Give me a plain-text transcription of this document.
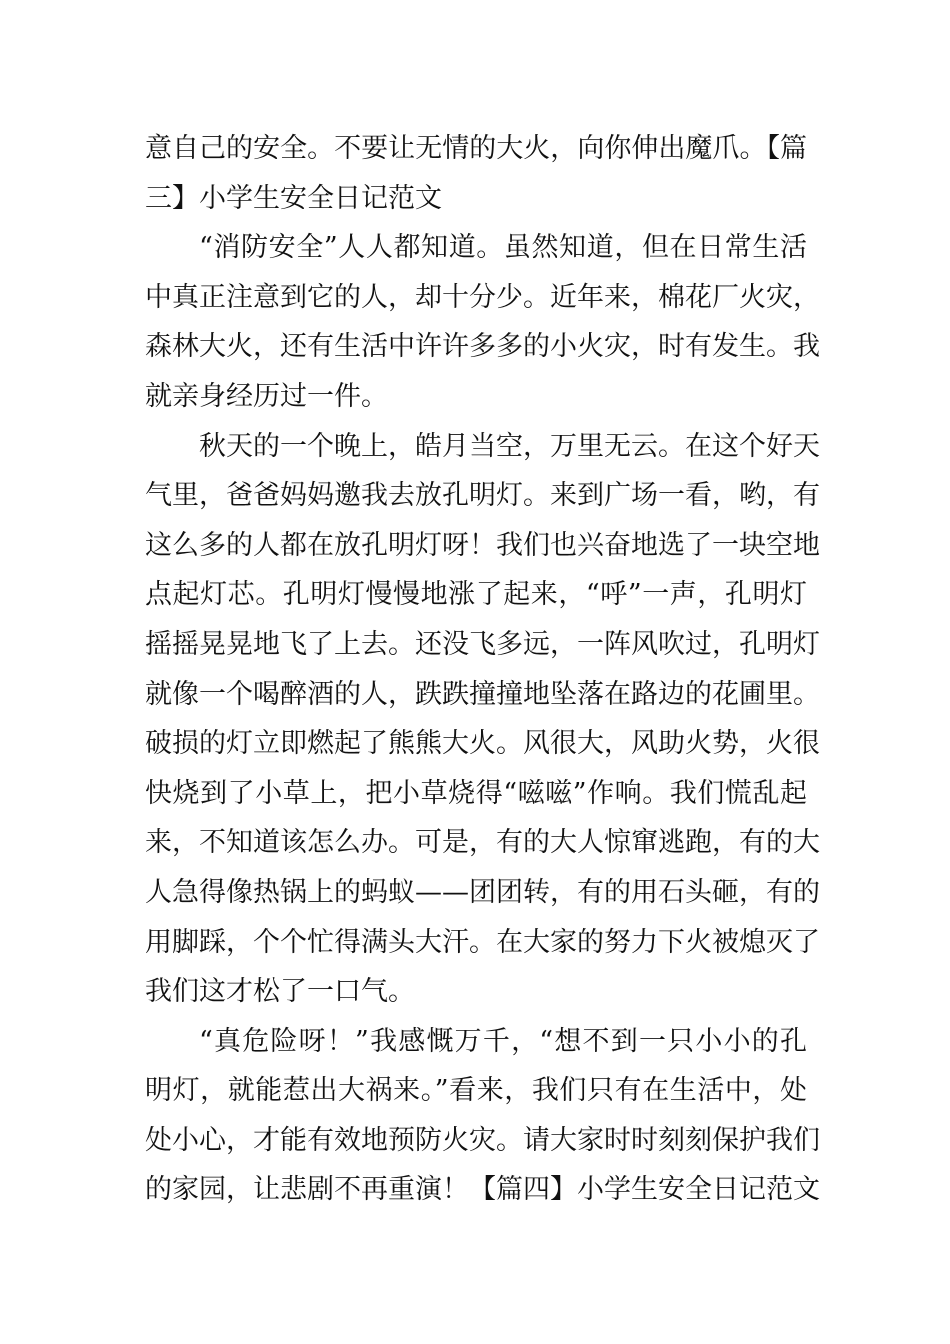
意自己的安全。不要让无情的大火，向你伸出魔爪。【篇
三】小学生安全日记范文
“消防安全”人人都知道。虽然知道，但在日常生活
中真正注意到它的人，却十分少。近年来，棉花厂火灾，
森林大火，还有生活中许许多多的小火灾，时有发生。我
就亲身经历过一件。
秋天的一个晚上，皓月当空，万里无云。在这个好天
气里，爸爸妈妈邀我去放孔明灯。来到广场一看，哟，有
这么多的人都在放孔明灯呀！我们也兴奋地选了一块空地
点起灯芯。孔明灯慢慢地涨了起来，“呼”一声，孔明灯
摇摇晃晃地飞了上去。还没飞多远，一阵风吹过，孔明灯
就像一个喝醉酒的人，跌跌撞撞地坠落在路边的花圃里。
破损的灯立即燃起了熊熊大火。风很大，风助火势，火很
快烧到了小草上，把小草烧得“嗞嗞”作响。我们慌乱起
来，不知道该怎么办。可是，有的大人惊窜逃跑，有的大
人急得像热锅上的蚂蚁——团团转，有的用石头砸，有的
用脚踩，个个忙得满头大汗。在大家的努力下火被熄灭了
我们这才松了一口气。
“真危险呀！”我感慨万千，“想不到一只小小的孔
明灯，就能惹出大祸来。”看来，我们只有在生活中，处
处小心，才能有效地预防火灾。请大家时时刻刻保护我们
的家园，让悲剧不再重演！【篇四】小学生安全日记范文
